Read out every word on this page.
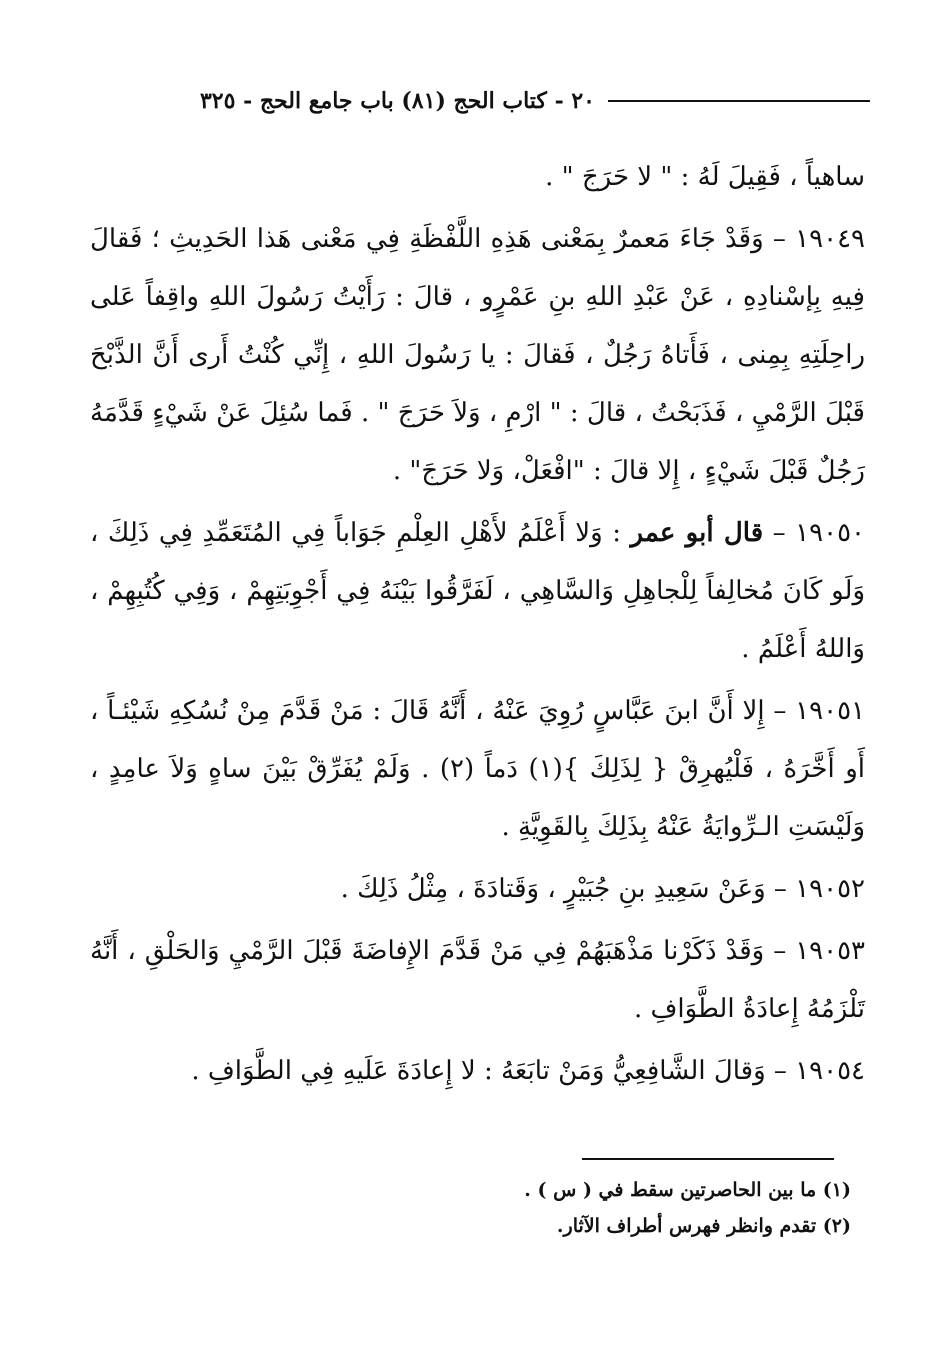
٢٠ - كتاب الحج (٨١) باب جامع الحج - ٣٢٥

ساهياً ، فَقِيلَ لَهُ : " لا حَرَجَ " .

١٩٠٤٩ – وَقَدْ جَاءَ مَعمرٌ بِمَعْنى هَذِهِ اللَّفْظَةِ فِي مَعْنى هَذا الحَدِيثِ ؛ فَقالَ فِيهِ بِإسْنادِهِ ، عَنْ عَبْدِ اللهِ بنِ عَمْرٍو ، قالَ : رَأَيْتُ رَسُولَ اللهِ واقِفاً عَلى راحِلَتِهِ بِمِنى ، فَأَتاهُ رَجُلٌ ، فَقالَ : يا رَسُولَ اللهِ ، إِنِّي كُنْتُ أَرى أَنَّ الذَّبْحَ قَبْلَ الرَّمْيِ ، فَذَبَحْتُ ، قالَ : " ارْمِ ، وَلاَ حَرَجَ " . فَما سُئِلَ عَنْ شَيْءٍ قَدَّمَهُ رَجُلٌ قَبْلَ شَيْءٍ ، إِلا قالَ : "افْعَلْ، وَلا حَرَجَ" .

١٩٠٥٠ – قال أبو عمر : وَلا أَعْلَمُ لأَهْلِ العِلْمِ جَوَاباً فِي المُتَعَمِّدِ فِي ذَلِكَ ، وَلَو كَانَ مُخالِفاً لِلْجاهِلِ وَالسَّاهِي ، لَفَرَّقُوا بَيْنَهُ فِي أَجْوِبَتِهِمْ ، وَفِي كُتُبِهِمْ ، وَاللهُ أَعْلَمُ .

١٩٠٥١ – إِلا أَنَّ ابنَ عَبَّاسٍ رُوِيَ عَنْهُ ، أَنَّهُ قَالَ : مَنْ قَدَّمَ مِنْ نُسُكِهِ شَيْئـاً ، أَو أَخَّرَهُ ، فَلْيُهرِقْ { لِذَلِكَ }(١) دَماً (٢) . وَلَمْ يُفَرِّقْ بَيْنَ ساهٍ وَلاَ عامِدٍ ، وَلَيْسَتِ الـرِّوايَةُ عَنْهُ بِذَلِكَ بِالقَوِيَّةِ .

١٩٠٥٢ – وَعَنْ سَعِيدِ بنِ جُبَيْرٍ ، وَقَتادَةَ ، مِثْلُ ذَلِكَ .

١٩٠٥٣ – وَقَدْ ذَكَرْنا مَذْهَبَهُمْ فِي مَنْ قَدَّمَ الإِفاضَةَ قَبْلَ الرَّمْيِ وَالحَلْقِ ، أَنَّهُ تَلْزَمُهُ إِعادَةُ الطَّوَافِ .

١٩٠٥٤ – وَقالَ الشَّافِعِيُّ وَمَنْ تابَعَهُ : لا إِعادَةَ عَلَيهِ فِي الطَّوَافِ .

(١) ما بين الحاصرتين سقط في ( س ) .
(٢) تقدم وانظر فهرس أطراف الآثار.
